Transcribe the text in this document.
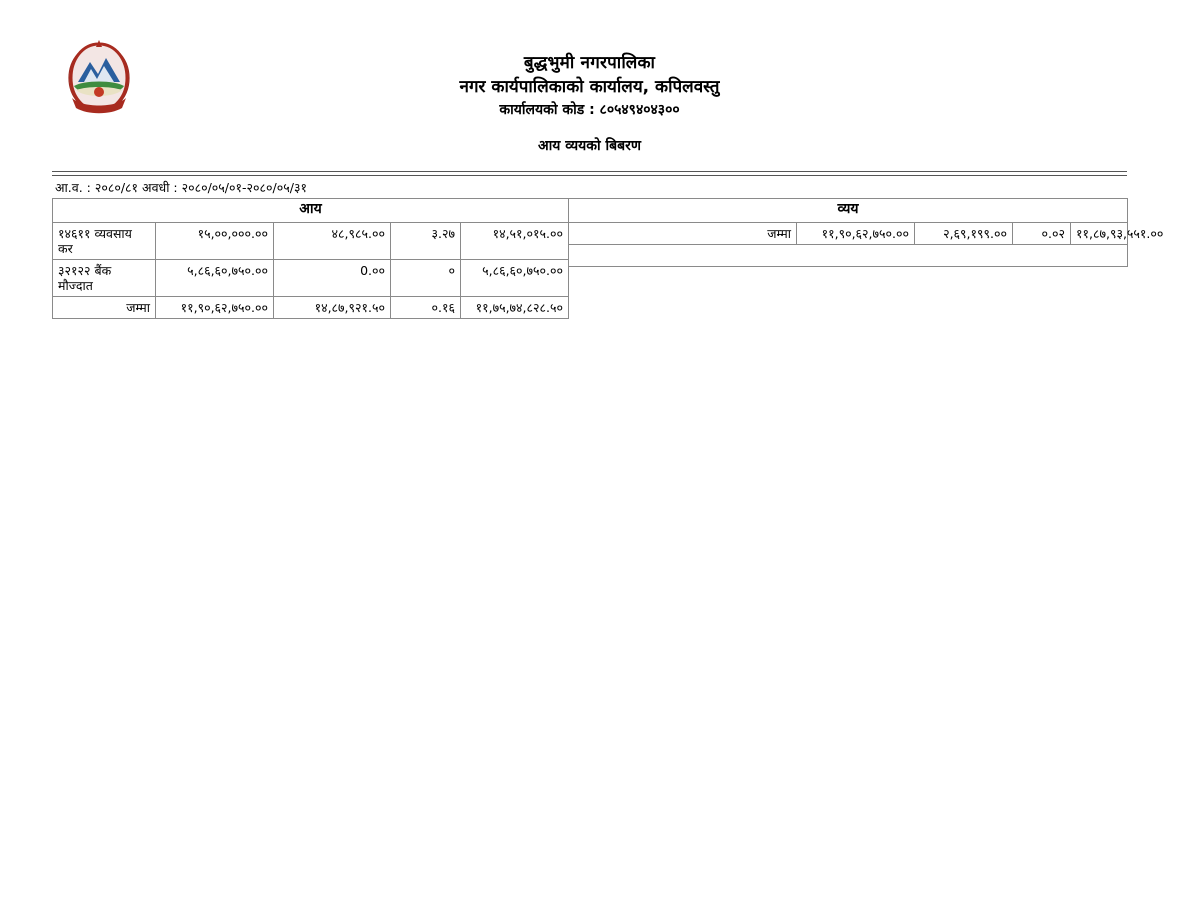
बुद्धभुमी नगरपालिका
नगर कार्यपालिकाको कार्यालय, कपिलवस्तु
कार्यालयको कोड : ८०५४९४०४३००
आय व्ययको बिबरण
आ.व. : २०८०/८१ अवधी : २०८०/०५/०१-२०८०/०५/३१
आय				
१४६११ व्यवसाय कर	१५,००,०००.००	४८,९८५.००	३.२७	१४,५१,०१५.००
३२१२२ बैंक मौज्दात	५,८६,६०,७५०.००	0.००	०	५,८६,६०,७५०.००
जम्मा	११,९०,६२,७५०.००	१४,८७,९२१.५०	०.१६	११,७५,७४,८२८.५०
व्यय
जम्मा	११,९०,६२,७५०.००	२,६९,१९९.००	०.०२	११,८७,९३,५५१.००
